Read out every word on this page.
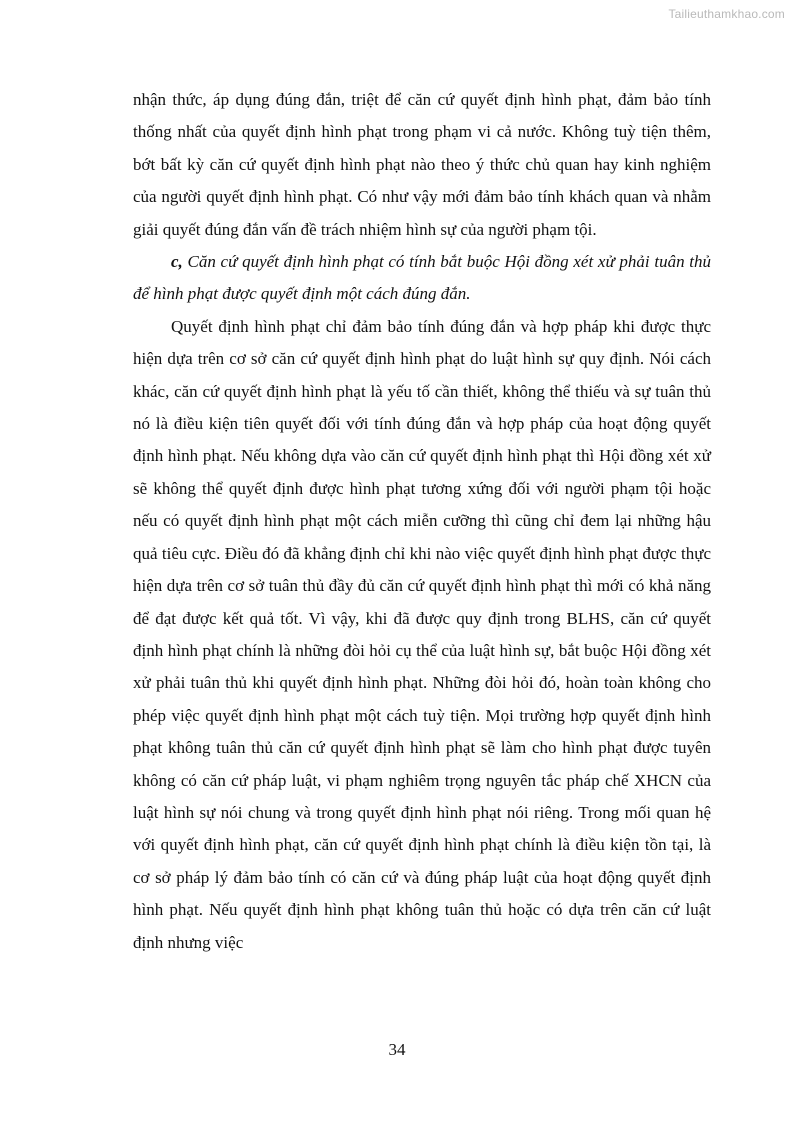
Tailieuthamkhao.com

nhận thức, áp dụng đúng đắn, triệt để căn cứ quyết định hình phạt, đảm bảo tính thống nhất của quyết định hình phạt trong phạm vi cả nước. Không tuỳ tiện thêm, bớt bất kỳ căn cứ quyết định hình phạt nào theo ý thức chủ quan hay kinh nghiệm của người quyết định hình phạt. Có như vậy mới đảm bảo tính khách quan và nhằm giải quyết đúng đắn vấn đề trách nhiệm hình sự của người phạm tội.

c, Căn cứ quyết định hình phạt có tính bắt buộc Hội đồng xét xử phải tuân thủ để hình phạt được quyết định một cách đúng đắn.

Quyết định hình phạt chỉ đảm bảo tính đúng đắn và hợp pháp khi được thực hiện dựa trên cơ sở căn cứ quyết định hình phạt do luật hình sự quy định. Nói cách khác, căn cứ quyết định hình phạt là yếu tố cần thiết, không thể thiếu và sự tuân thủ nó là điều kiện tiên quyết đối với tính đúng đắn và hợp pháp của hoạt động quyết định hình phạt. Nếu không dựa vào căn cứ quyết định hình phạt thì Hội đồng xét xử sẽ không thể quyết định được hình phạt tương xứng đối với người phạm tội hoặc nếu có quyết định hình phạt một cách miễn cưỡng thì cũng chỉ đem lại những hậu quả tiêu cực. Điều đó đã khẳng định chỉ khi nào việc quyết định hình phạt được thực hiện dựa trên cơ sở tuân thủ đầy đủ căn cứ quyết định hình phạt thì mới có khả năng để đạt được kết quả tốt. Vì vậy, khi đã được quy định trong BLHS, căn cứ quyết định hình phạt chính là những đòi hỏi cụ thể của luật hình sự, bắt buộc Hội đồng xét xử phải tuân thủ khi quyết định hình phạt. Những đòi hỏi đó, hoàn toàn không cho phép việc quyết định hình phạt một cách tuỳ tiện. Mọi trường hợp quyết định hình phạt không tuân thủ căn cứ quyết định hình phạt sẽ làm cho hình phạt được tuyên không có căn cứ pháp luật, vi phạm nghiêm trọng nguyên tắc pháp chế XHCN của luật hình sự nói chung và trong quyết định hình phạt nói riêng. Trong mối quan hệ với quyết định hình phạt, căn cứ quyết định hình phạt chính là điều kiện tồn tại, là cơ sở pháp lý đảm bảo tính có căn cứ và đúng pháp luật của hoạt động quyết định hình phạt. Nếu quyết định hình phạt không tuân thủ hoặc có dựa trên căn cứ luật định nhưng việc

34
